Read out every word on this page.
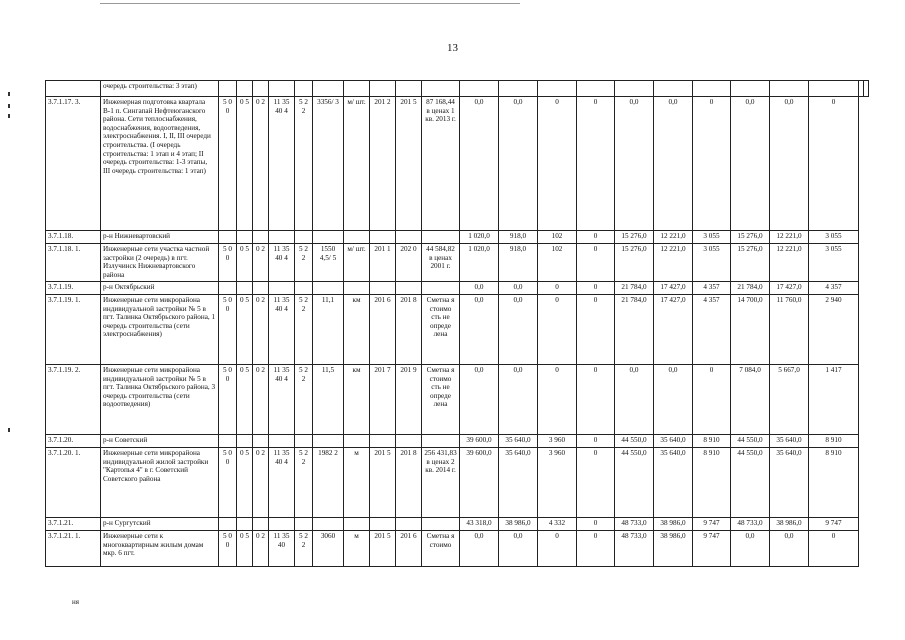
13
	очередь строительства: 3 этап)																						
3.7.1.17. 3.	Инженерная подготовка квартала В-1 п. Сингапай Нефтеюганского района. Сети теплоснабжения, водоснабжения, водоотведения, электроснабжения. I, II, III очереди строительства. (I очередь строительства: 1 этап и 4 этап; II очередь строительства: 1-3 этапы, III очередь строительства: 1 этап)	5 0 0	0 5	0 2	11 35 40 4	5 2 2	3356/ 3	м/ шт.	201 2	201 5	87 168,44 в ценах 1 кв. 2013 г.	0,0	0,0	0	0	0,0	0,0	0	0,0	0,0	0		
3.7.1.18.	р-н Нижневартовский											1 020,0	918,0	102	0	15 276,0	12 221,0	3 055	15 276,0	12 221,0	3 055		
3.7.1.18. 1.	Инженерные сети участка частной застройки (2 очередь) в пгт. Излучинск Нижневартовского района	5 0 0	0 5	0 2	11 35 40 4	5 2 2	1550 4,5/ 5	м/ шт.	201 1	202 0	44 584,82 в ценах 2001 г.	1 020,0	918,0	102	0	15 276,0	12 221,0	3 055	15 276,0	12 221,0	3 055		
3.7.1.19.	р-н Октябрьский											0,0	0,0	0	0	21 784,0	17 427,0	4 357	21 784,0	17 427,0	4 357		
3.7.1.19. 1.	Инженерные сети микрорайона индивидуальной застройки № 5 в пгт. Талинка Октябрьского района, 1 очередь строительства (сети электроснабжения)	5 0 0	0 5	0 2	11 35 40 4	5 2 2	11,1	км	201 6	201 8	Сметна я стоимо сть не опреде лена	0,0	0,0	0	0	21 784,0	17 427,0	4 357	14 700,0	11 760,0	2 940		
3.7.1.19. 2.	Инженерные сети микрорайона индивидуальной застройки № 5 в пгт. Талинка Октябрьского района, 3 очередь строительства (сети водоотведения)	5 0 0	0 5	0 2	11 35 40 4	5 2 2	11,5	км	201 7	201 9	Сметна я стоимо сть не опреде лена	0,0	0,0	0	0	0,0	0,0	0	7 084,0	5 667,0	1 417		
3.7.1.20.	р-н Советский											39 600,0	35 640,0	3 960	0	44 550,0	35 640,0	8 910	44 550,0	35 640,0	8 910		
3.7.1.20. 1.	Инженерные сети микрорайона индивидуальной жилой застройки "Картопья 4" в г. Советский Советского района	5 0 0	0 5	0 2	11 35 40 4	5 2 2	1982 2	м	201 5	201 8	256 431,83 в ценах 2 кв. 2014 г.	39 600,0	35 640,0	3 960	0	44 550,0	35 640,0	8 910	44 550,0	35 640,0	8 910		
3.7.1.21.	р-н Сургутский											43 318,0	38 986,0	4 332	0	48 733,0	38 986,0	9 747	48 733,0	38 986,0	9 747		
3.7.1.21. 1.	Инженерные сети к многоквартирным жилым домам мкр. 6 пгт.	5 0 0	0 5	0 2	11 35 40	5 2 2	3060	м	201 5	201 6	Сметна я стоимо	0,0	0,0	0	0	48 733,0	38 986,0	9 747	0,0	0,0	0		
ня
